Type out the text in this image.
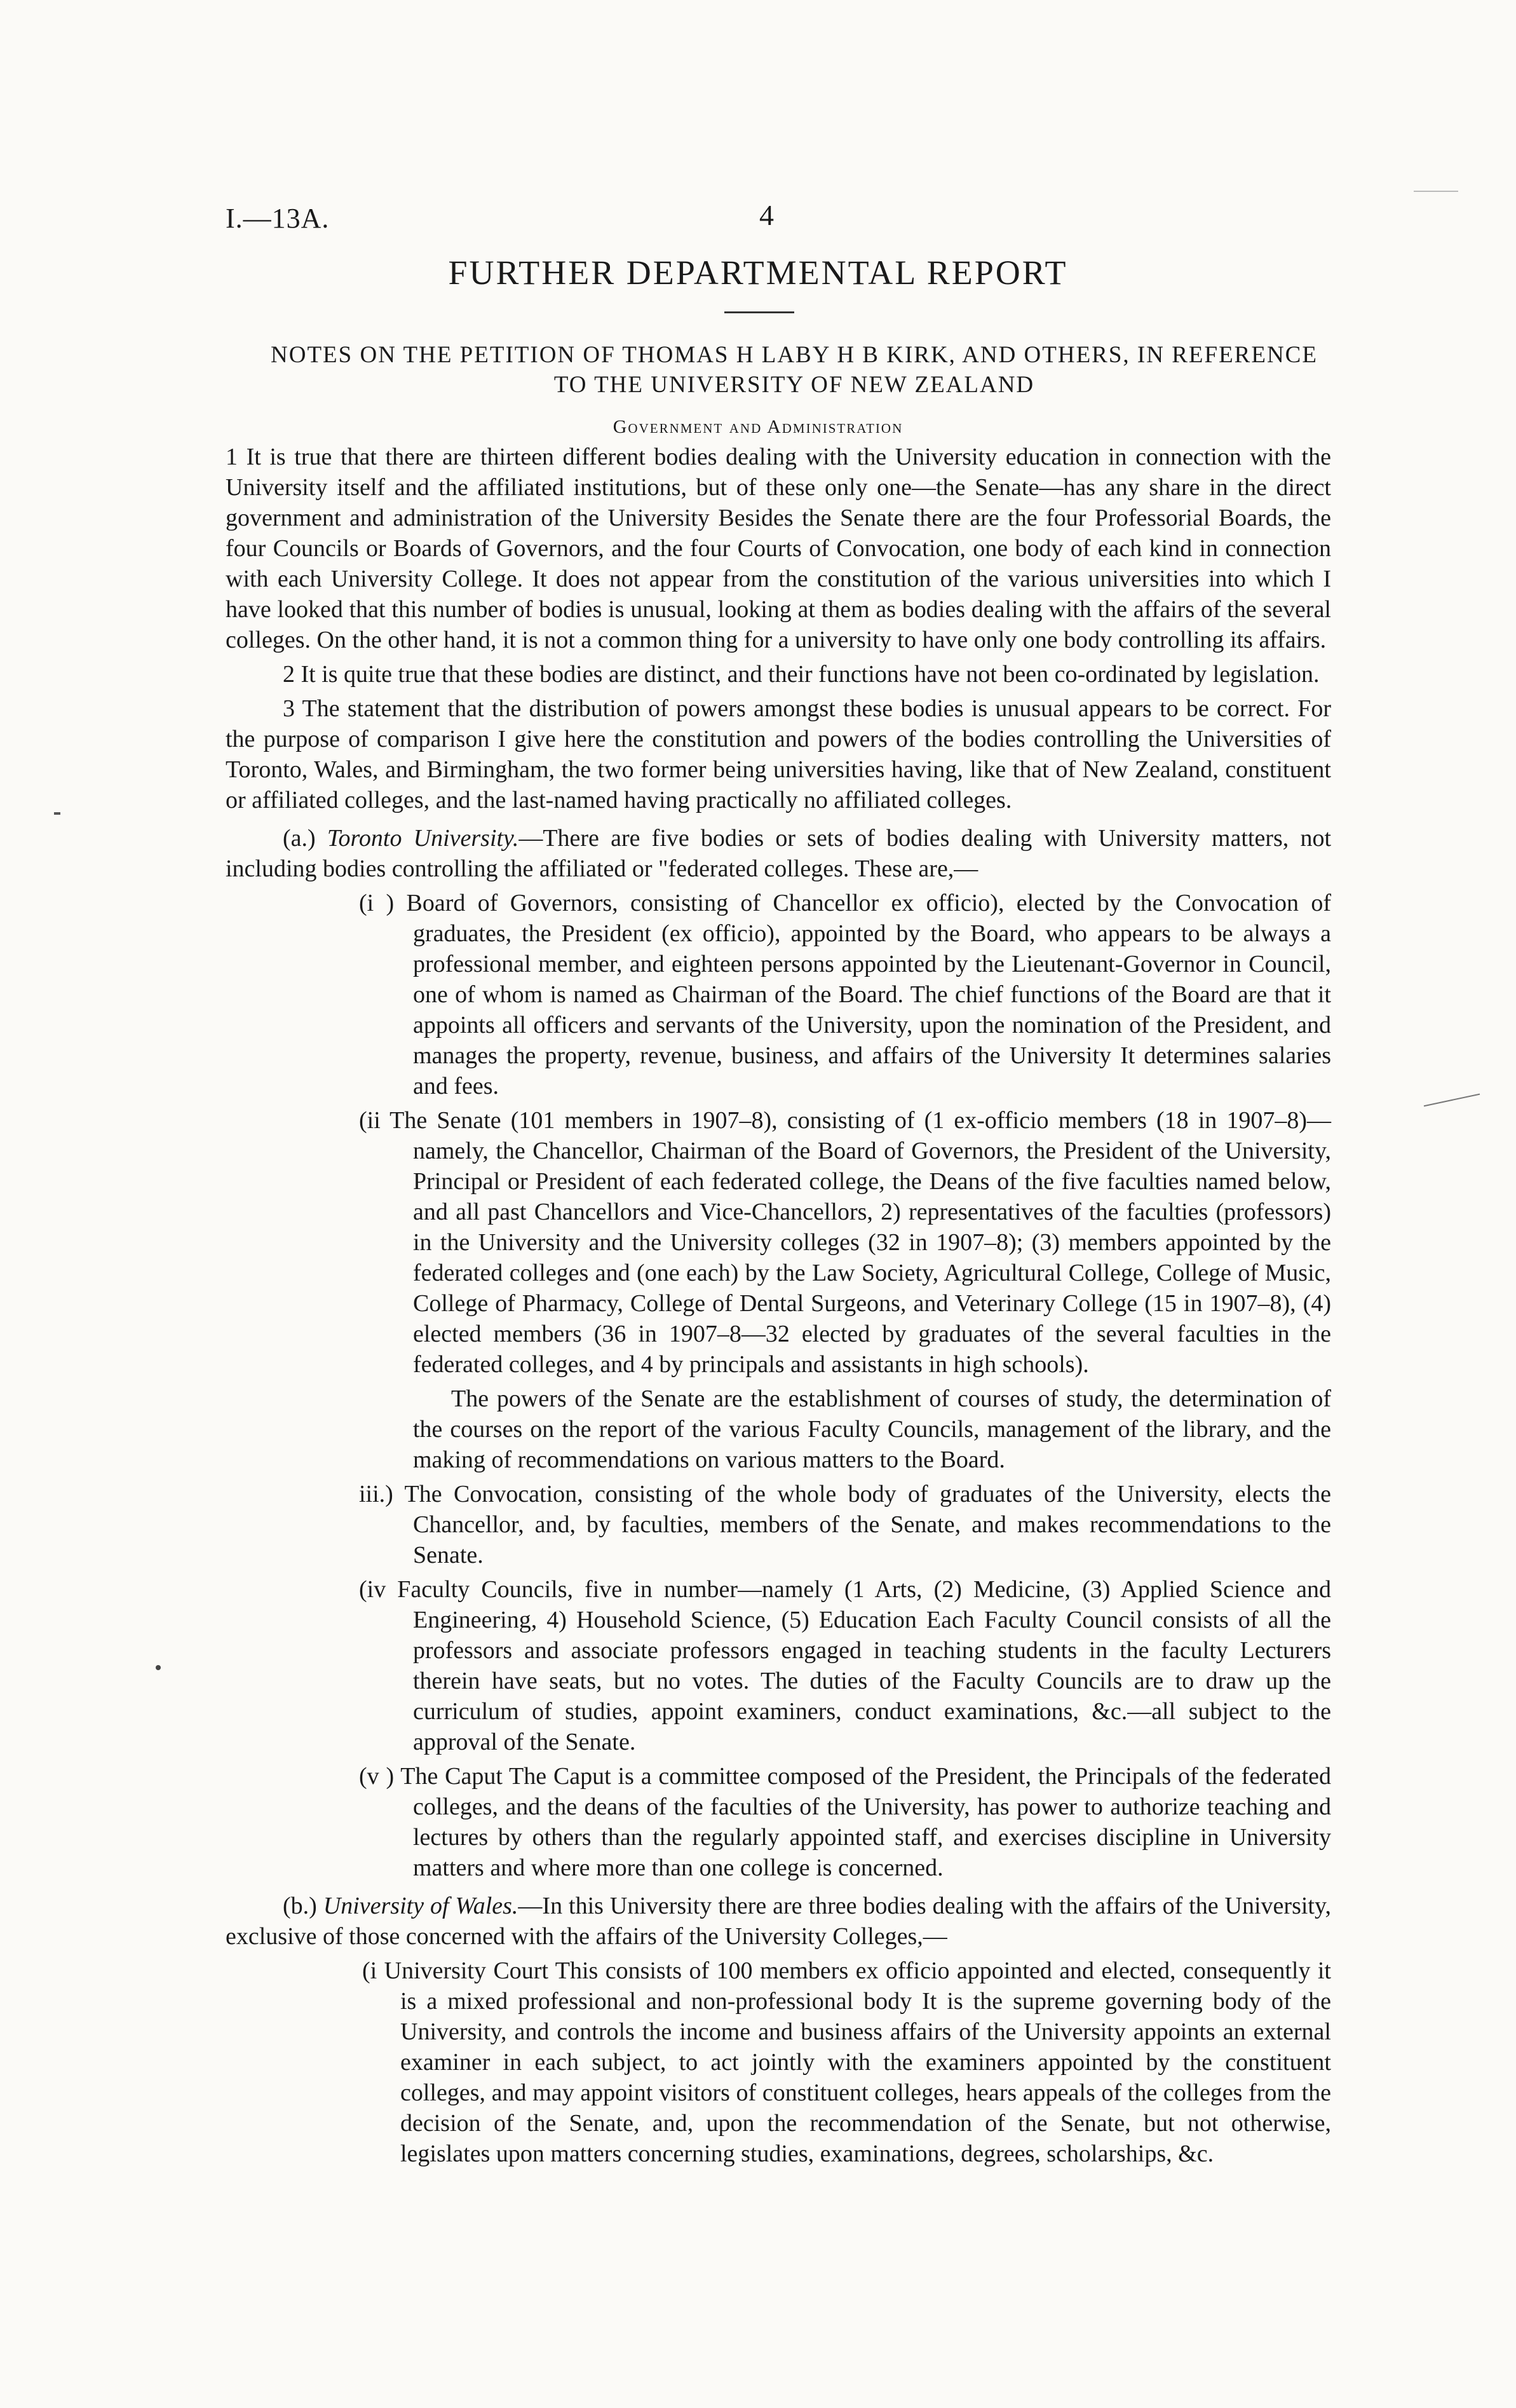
I.—13A.	4
FURTHER DEPARTMENTAL REPORT
NOTES ON THE PETITION OF THOMAS H LABY H B KIRK, AND OTHERS, IN REFERENCE TO THE UNIVERSITY OF NEW ZEALAND
Government and Administration

1 It is true that there are thirteen different bodies dealing with the University education in connection with the University itself and the affiliated institutions, but of these only one—the Senate—has any share in the direct government and administration of the University Besides the Senate there are the four Professorial Boards, the four Councils or Boards of Governors, and the four Courts of Convocation, one body of each kind in connection with each University College. It does not appear from the constitution of the various universities into which I have looked that this number of bodies is unusual, looking at them as bodies dealing with the affairs of the several colleges. On the other hand, it is not a common thing for a university to have only one body controlling its affairs.

2 It is quite true that these bodies are distinct, and their functions have not been co-ordinated by legislation.

3 The statement that the distribution of powers amongst these bodies is unusual appears to be correct. For the purpose of comparison I give here the constitution and powers of the bodies controlling the Universities of Toronto, Wales, and Birmingham, the two former being universities having, like that of New Zealand, constituent or affiliated colleges, and the last-named having practically no affiliated colleges.

(a.) Toronto University.—There are five bodies or sets of bodies dealing with University matters, not including bodies controlling the affiliated or "federated colleges. These are,—

(i ) Board of Governors, consisting of Chancellor ex officio), elected by the Convocation of graduates, the President (ex officio), appointed by the Board, who appears to be always a professional member, and eighteen persons appointed by the Lieutenant-Governor in Council, one of whom is named as Chairman of the Board. The chief functions of the Board are that it appoints all officers and servants of the University, upon the nomination of the President, and manages the property, revenue, business, and affairs of the University It determines salaries and fees.

(ii The Senate (101 members in 1907–8), consisting of (1 ex-officio members (18 in 1907–8)—namely, the Chancellor, Chairman of the Board of Governors, the President of the University, Principal or President of each federated college, the Deans of the five faculties named below, and all past Chancellors and Vice-Chancellors, 2) representatives of the faculties (professors) in the University and the University colleges (32 in 1907–8); (3) members appointed by the federated colleges and (one each) by the Law Society, Agricultural College, College of Music, College of Pharmacy, College of Dental Surgeons, and Veterinary College (15 in 1907–8), (4) elected members (36 in 1907–8—32 elected by graduates of the several faculties in the federated colleges, and 4 by principals and assistants in high schools).

The powers of the Senate are the establishment of courses of study, the determination of the courses on the report of the various Faculty Councils, management of the library, and the making of recommendations on various matters to the Board.

iii.) The Convocation, consisting of the whole body of graduates of the University, elects the Chancellor, and, by faculties, members of the Senate, and makes recommendations to the Senate.

(iv Faculty Councils, five in number—namely (1 Arts, (2) Medicine, (3) Applied Science and Engineering, 4) Household Science, (5) Education Each Faculty Council consists of all the professors and associate professors engaged in teaching students in the faculty Lecturers therein have seats, but no votes. The duties of the Faculty Councils are to draw up the curriculum of studies, appoint examiners, conduct examinations, &c.—all subject to the approval of the Senate.

(v ) The Caput The Caput is a committee composed of the President, the Principals of the federated colleges, and the deans of the faculties of the University, has power to authorize teaching and lectures by others than the regularly appointed staff, and exercises discipline in University matters and where more than one college is concerned.

(b.) University of Wales.—In this University there are three bodies dealing with the affairs of the University, exclusive of those concerned with the affairs of the University Colleges,—

(i University Court This consists of 100 members ex officio appointed and elected, consequently it is a mixed professional and non-professional body It is the supreme governing body of the University, and controls the income and business affairs of the University appoints an external examiner in each subject, to act jointly with the examiners appointed by the constituent colleges, and may appoint visitors of constituent colleges, hears appeals of the colleges from the decision of the Senate, and, upon the recommendation of the Senate, but not otherwise, legislates upon matters concerning studies, examinations, degrees, scholarships, &c.
